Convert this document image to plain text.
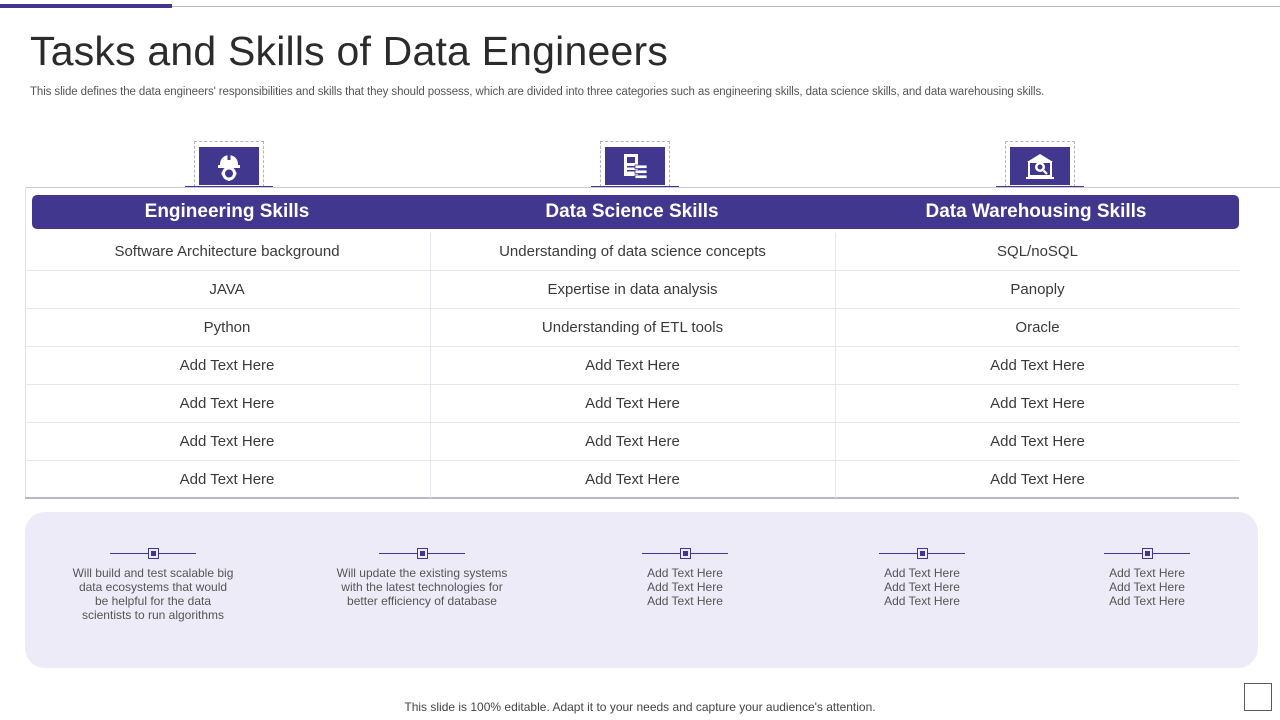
Tasks and Skills of Data Engineers

This slide defines the data engineers' responsibilities and skills that they should possess, which are divided into three categories such as engineering skills, data science skills, and data warehousing skills.

Engineering Skills	Data Science Skills	Data Warehousing Skills
Software Architecture background	Understanding of data science concepts	SQL/noSQL
JAVA	Expertise in data analysis	Panoply
Python	Understanding of ETL tools	Oracle
Add Text Here	Add Text Here	Add Text Here
Add Text Here	Add Text Here	Add Text Here
Add Text Here	Add Text Here	Add Text Here
Add Text Here	Add Text Here	Add Text Here
Will build and test scalable big
data ecosystems that would
be helpful for the data
scientists to run algorithms
Will update the existing systems
with the latest technologies for
better efficiency of database
Add Text Here
Add Text Here
Add Text Here
Add Text Here
Add Text Here
Add Text Here
Add Text Here
Add Text Here
Add Text Here
This slide is 100% editable. Adapt it to your needs and capture your audience's attention.
